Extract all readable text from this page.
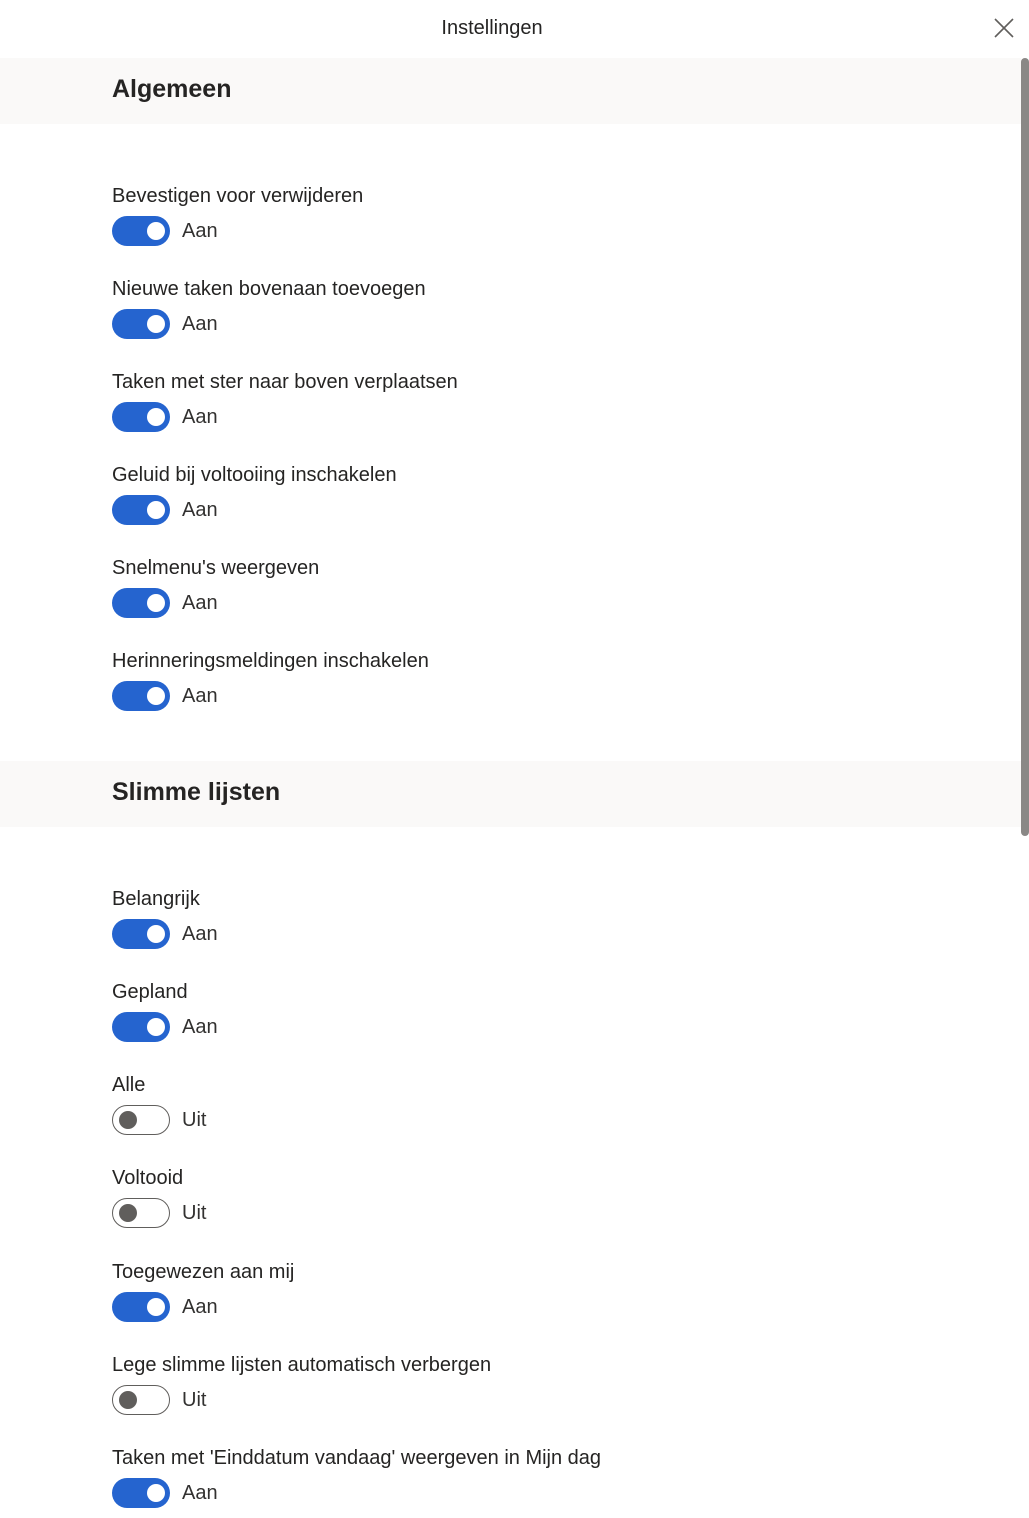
Instellingen
Algemeen
Bevestigen voor verwijderen
Aan
Nieuwe taken bovenaan toevoegen
Aan
Taken met ster naar boven verplaatsen
Aan
Geluid bij voltooiing inschakelen
Aan
Snelmenu's weergeven
Aan
Herinneringsmeldingen inschakelen
Aan
Slimme lijsten
Belangrijk
Aan
Gepland
Aan
Alle
Uit
Voltooid
Uit
Toegewezen aan mij
Aan
Lege slimme lijsten automatisch verbergen
Uit
Taken met 'Einddatum vandaag' weergeven in Mijn dag
Aan
